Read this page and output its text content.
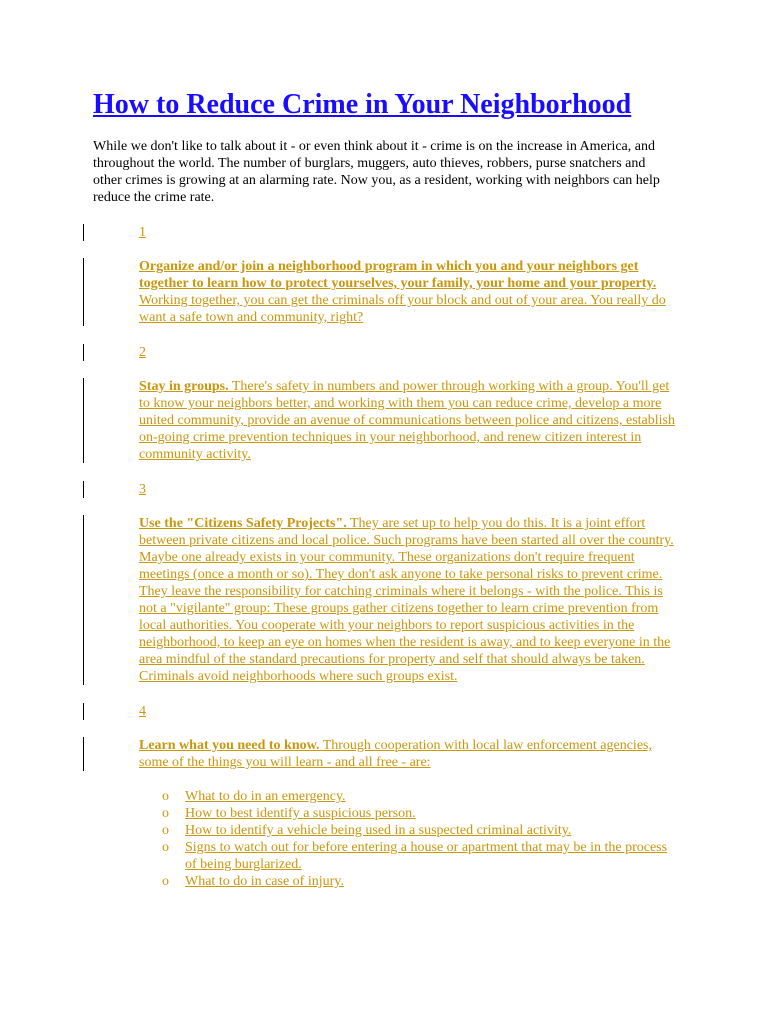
How to Reduce Crime in Your Neighborhood

While we don't like to talk about it - or even think about it - crime is on the increase in America, and throughout the world. The number of burglars, muggers, auto thieves, robbers, purse snatchers and other crimes is growing at an alarming rate. Now you, as a resident, working with neighbors can help reduce the crime rate.

1
Organize and/or join a neighborhood program in which you and your neighbors get together to learn how to protect yourselves, your family, your home and your property. Working together, you can get the criminals off your block and out of your area. You really do want a safe town and community, right?
2
Stay in groups. There's safety in numbers and power through working with a group. You'll get to know your neighbors better, and working with them you can reduce crime, develop a more united community, provide an avenue of communications between police and citizens, establish on-going crime prevention techniques in your neighborhood, and renew citizen interest in community activity.
3
Use the "Citizens Safety Projects". They are set up to help you do this. It is a joint effort between private citizens and local police. Such programs have been started all over the country. Maybe one already exists in your community. These organizations don't require frequent meetings (once a month or so). They don't ask anyone to take personal risks to prevent crime. They leave the responsibility for catching criminals where it belongs - with the police. This is not a "vigilante" group: These groups gather citizens together to learn crime prevention from local authorities. You cooperate with your neighbors to report suspicious activities in the neighborhood, to keep an eye on homes when the resident is away, and to keep everyone in the area mindful of the standard precautions for property and self that should always be taken. Criminals avoid neighborhoods where such groups exist.
4
Learn what you need to know. Through cooperation with local law enforcement agencies, some of the things you will learn - and all free - are:
o What to do in an emergency.
o How to best identify a suspicious person.
o How to identify a vehicle being used in a suspected criminal activity.
o Signs to watch out for before entering a house or apartment that may be in the process of being burglarized.
o What to do in case of injury.
